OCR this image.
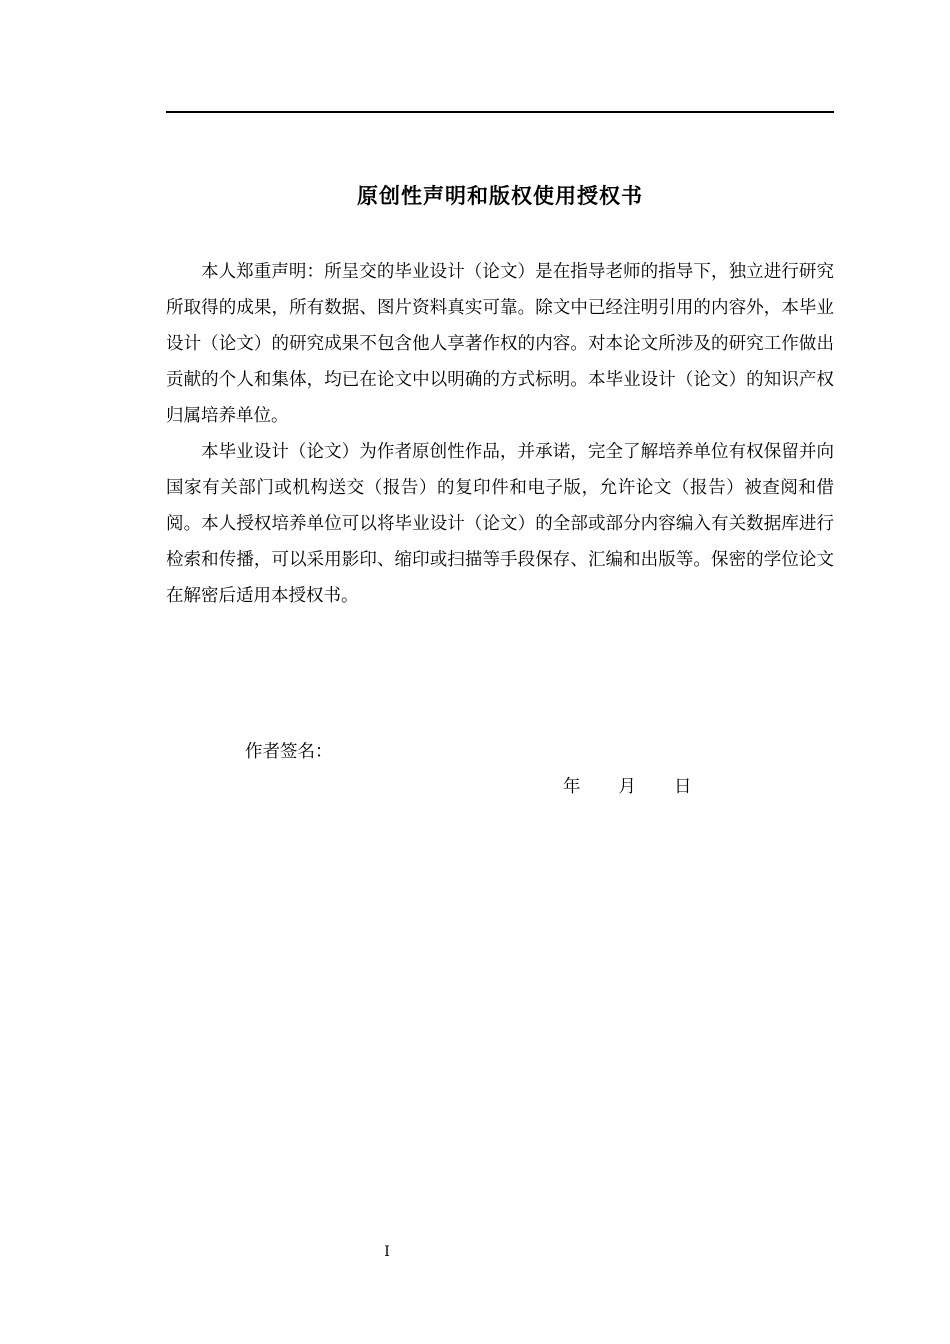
原创性声明和版权使用授权书

本人郑重声明：所呈交的毕业设计（论文）是在指导老师的指导下，独立进行研究所取得的成果，所有数据、图片资料真实可靠。除文中已经注明引用的内容外，本毕业设计（论文）的研究成果不包含他人享著作权的内容。对本论文所涉及的研究工作做出贡献的个人和集体，均已在论文中以明确的方式标明。本毕业设计（论文）的知识产权归属培养单位。

本毕业设计（论文）为作者原创性作品，并承诺，完全了解培养单位有权保留并向国家有关部门或机构送交（报告）的复印件和电子版，允许论文（报告）被查阅和借阅。本人授权培养单位可以将毕业设计（论文）的全部或部分内容编入有关数据库进行检索和传播，可以采用影印、缩印或扫描等手段保存、汇编和出版等。保密的学位论文在解密后适用本授权书。

作者签名：
年 月 日
I
